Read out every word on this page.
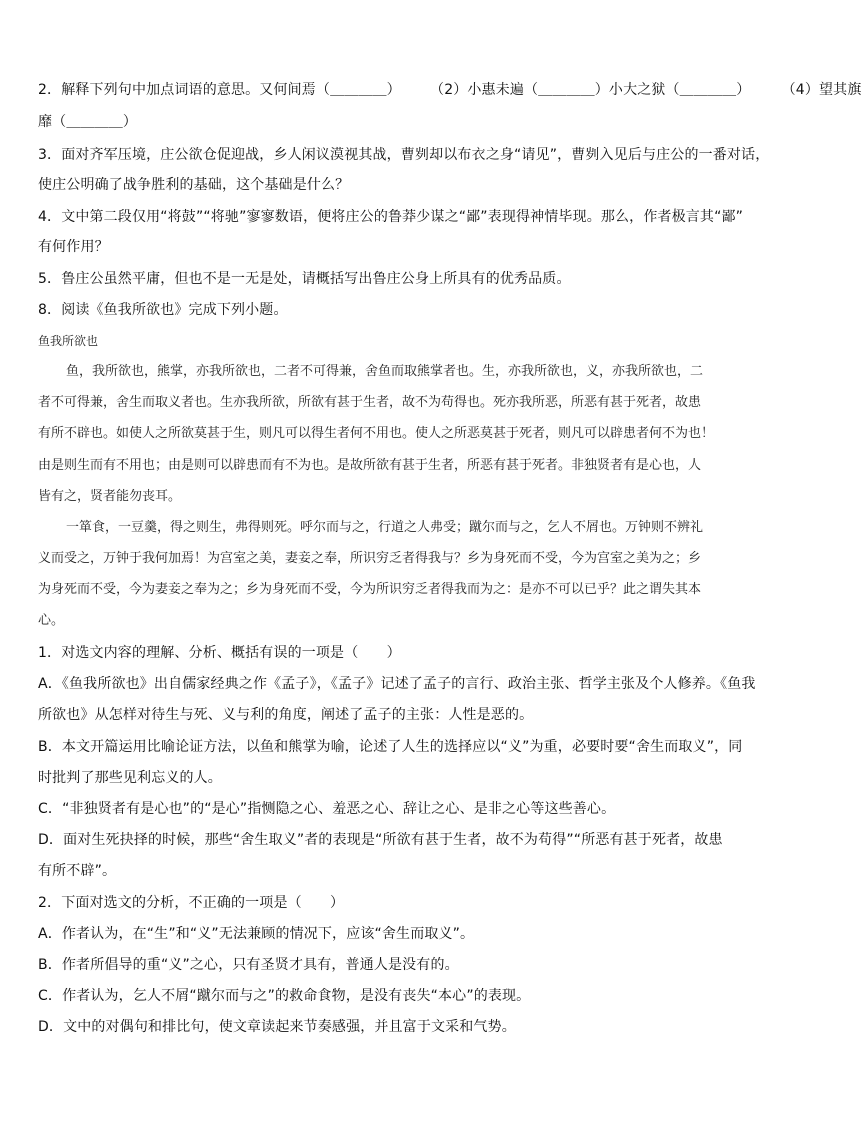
2．解释下列句中加点词语的意思。又何间焉（＿＿＿＿） （2）小惠未遍（＿＿＿＿）小大之狱（＿＿＿＿） （4）望其旗
靡（＿＿＿＿）
3．面对齐军压境，庄公欲仓促迎战，乡人闲议漠视其战，曹刿却以布衣之身“请见”，曹刿入见后与庄公的一番对话，
使庄公明确了战争胜利的基础，这个基础是什么？
4．文中第二段仅用“将鼓”“将驰”寥寥数语，便将庄公的鲁莽少谋之“鄙”表现得神情毕现。那么，作者极言其“鄙”
有何作用？
5．鲁庄公虽然平庸，但也不是一无是处，请概括写出鲁庄公身上所具有的优秀品质。
8．阅读《鱼我所欲也》完成下列小题。
鱼我所欲也
鱼，我所欲也，熊掌，亦我所欲也，二者不可得兼，舍鱼而取熊掌者也。生，亦我所欲也，义，亦我所欲也，二
者不可得兼，舍生而取义者也。生亦我所欲，所欲有甚于生者，故不为苟得也。死亦我所恶，所恶有甚于死者，故患
有所不辟也。如使人之所欲莫甚于生，则凡可以得生者何不用也。使人之所恶莫甚于死者，则凡可以辟患者何不为也！
由是则生而有不用也；由是则可以辟患而有不为也。是故所欲有甚于生者，所恶有甚于死者。非独贤者有是心也，人
皆有之，贤者能勿丧耳。
一箪食，一豆羹，得之则生，弗得则死。呼尔而与之，行道之人弗受；蹴尔而与之，乞人不屑也。万钟则不辨礼
义而受之，万钟于我何加焉！为宫室之美，妻妾之奉，所识穷乏者得我与？乡为身死而不受，今为宫室之美为之；乡
为身死而不受，今为妻妾之奉为之；乡为身死而不受，今为所识穷乏者得我而为之：是亦不可以已乎？此之谓失其本
心。
1．对选文内容的理解、分析、概括有误的一项是（　　）
A．《鱼我所欲也》出自儒家经典之作《孟子》，《孟子》记述了孟子的言行、政治主张、哲学主张及个人修养。《鱼我
所欲也》从怎样对待生与死、义与利的角度，阐述了孟子的主张：人性是恶的。
B．本文开篇运用比喻论证方法，以鱼和熊掌为喻，论述了人生的选择应以“义”为重，必要时要“舍生而取义”，同
时批判了那些见利忘义的人。
C．“非独贤者有是心也”的“是心”指恻隐之心、羞恶之心、辞让之心、是非之心等这些善心。
D．面对生死抉择的时候，那些“舍生取义”者的表现是“所欲有甚于生者，故不为苟得”“所恶有甚于死者，故患
有所不辟”。
2．下面对选文的分析，不正确的一项是（　　）
A．作者认为，在“生”和“义”无法兼顾的情况下，应该“舍生而取义”。
B．作者所倡导的重“义”之心，只有圣贤才具有，普通人是没有的。
C．作者认为，乞人不屑“蹴尔而与之”的救命食物，是没有丧失“本心”的表现。
D．文中的对偶句和排比句，使文章读起来节奏感强，并且富于文采和气势。
